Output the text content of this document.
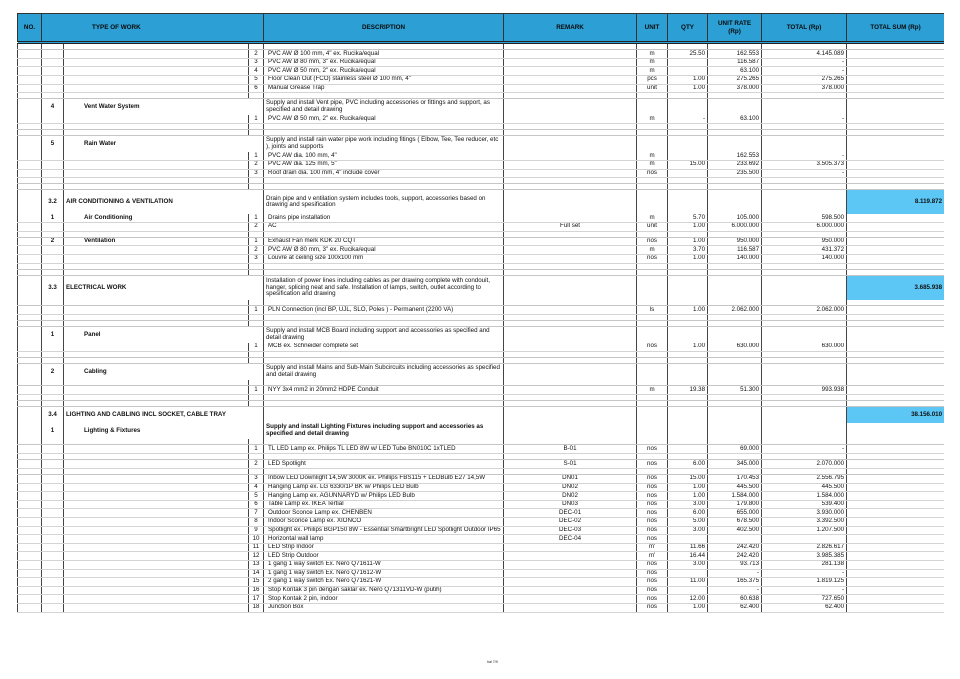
NO.	TYPE OF WORK			DESCRIPTION	REMARK	UNIT	QTY	UNIT RATE (Rp)	TOTAL (Rp)	TOTAL SUM (Rp)

			2	PVC AW Ø 100 mm, 4" ex. Rucika/equal		m	25.50	162.553	4.145.089	
			3	PVC AW Ø 80 mm, 3" ex. Rucika/equal		m		116.587	-	
			4	PVC AW Ø 50 mm, 2" ex. Rucika/equal		m		63.100	-	
			5	Floor Clean Out (FCO) stainless steel Ø 100 mm, 4"		pcs	1.00	275.265	275.265	
			6	Manual Grease Trap		unit	1.00	378.000	378.000	

	4	Vent Water System		Supply and install Vent pipe, PVC including accessories or fittings and support, as specified and detail drawing						
			1	PVC AW Ø 50 mm, 2" ex. Rucika/equal		m	-	63.100	-	

	5	Rain Water		Supply and install rain water pipe work including fitings ( Elbow, Tee, Tee reducer, etc ), joints and supports						
			1	PVC AW dia. 100 mm, 4"		m		162.553	-	
			2	PVC AW dia. 125 mm, 5"		m	15.00	233.692	3.505.373	
			3	Roof drain dia. 100 mm, 4" include cover		nos		235.500	-	

	3.2	AIR CONDITIONING & VENTILATION		Drain pipe and v entilation system includes tools, support, accessories based on drawing and spesification						8.119.872
	1	Air Conditioning	1	Drains pipe installation		m	5.70	105.000	598.500	
			2	AC	Full set	unit	1.00	6.000.000	6.000.000	

	2	Ventilation	1	Exhaust Fan merk KDK 20 CQT		nos	1.00	950.000	950.000	
			2	PVC AW Ø 80 mm, 3" ex. Rucika/equal		m	3.70	116.587	431.372	
			3	Louvre at ceiling size 100x100 mm		nos	1.00	140.000	140.000	

	3.3	ELECTRICAL WORK		Installation of power lines including cables as per drawing complete with condouit, hanger, splicing neat and safe. Installation of lamps, switch, outlet according to spesification and drawing						3.685.938

			1	PLN Connection (incl BP, UJL, SLO, Poles ) - Permanent (2200 VA)		ls	1.00	2.062.000	2.062.000	

	1	Panel		Supply and install MCB Board including support and accessories as specified and detail drawing						
			1	MCB ex. Schneider complete set		nos	1.00	630.000	630.000	

	2	Cabling		Supply and install Mains and Sub-Main Subcircuits including accessories as specified and detail drawing						

			1	NYY 3x4 mm2 in 20mm2 HDPE Conduit		m	19.38	51.300	993.938	

	3.4	LIGHTING AND CABLING INCL SOCKET, CABLE TRAY								38.156.010
	1	Lighting & Fixtures		Supply and install Lighting Fixtures including support and accessories as specified and detail drawing						

			1	TL LED Lamp ex. Philips TL LED 8W w/ LED Tube BN010C 1xTLED	B-01	nos		69.000	-	

			2	LED Spotlight	S-01	nos	6.00	345.000	2.070.000	

			3	Inbow LED Downlight 14,5W 3000K ex. Phillips FBS115 + LEDBulb E27 14,5W	DN01	nos	15.00	170.453	2.556.795	
			4	Hanging Lamp ex. LG 6330/1P BK w/ Philips LED Bulb	DN02	nos	1.00	445.500	445.500	
			5	Hanging Lamp ex. AGUNNARYD w/ Philips LED Bulb	DN02	nos	1.00	1.584.000	1.584.000	
			6	Table Lamp ex. IKEA Tertial	DN03	nos	3.00	179.800	539.400	
			7	Outdoor Sconce Lamp ex. CHENBEN	DEC-01	nos	6.00	655.000	3.930.000	
			8	Indoor Sconce Lamp ex. XIONCO	DEC-02	nos	5.00	678.500	3.392.500	
			9	Spotlight ex. Philips BGP150 8W - Essential Smartbright LED Spotlight Outdoor IP65	DEC-03	nos	3.00	402.500	1.207.500	
			10	Horizontal wall lamp	DEC-04	nos				
			11	LED Strip Indoor		m'	11.66	242.420	2.826.617	
			12	LED Strip Outdoor		m'	16.44	242.420	3.985.385	
			13	1 gang 1 way switch Ex. Nero Q71611-W		nos	3.00	93.713	281.138	
			14	1 gang 1 way switch Ex. Nero Q71612-W		nos		-	-	
			15	2 gang 1 way switch Ex. Nero Q71621-W		nos	11.00	165.375	1.819.125	
			16	Stop Kontak 3 pin dengan saklar ex. Nero Q71311VD-W (putih)		nos		-	-	
			17	Stop Kontak 2 pin, indoor		nos	12.00	60.638	727.650	
			18	Junction Box		nos	1.00	62.400	62.400	
hal 7/9
